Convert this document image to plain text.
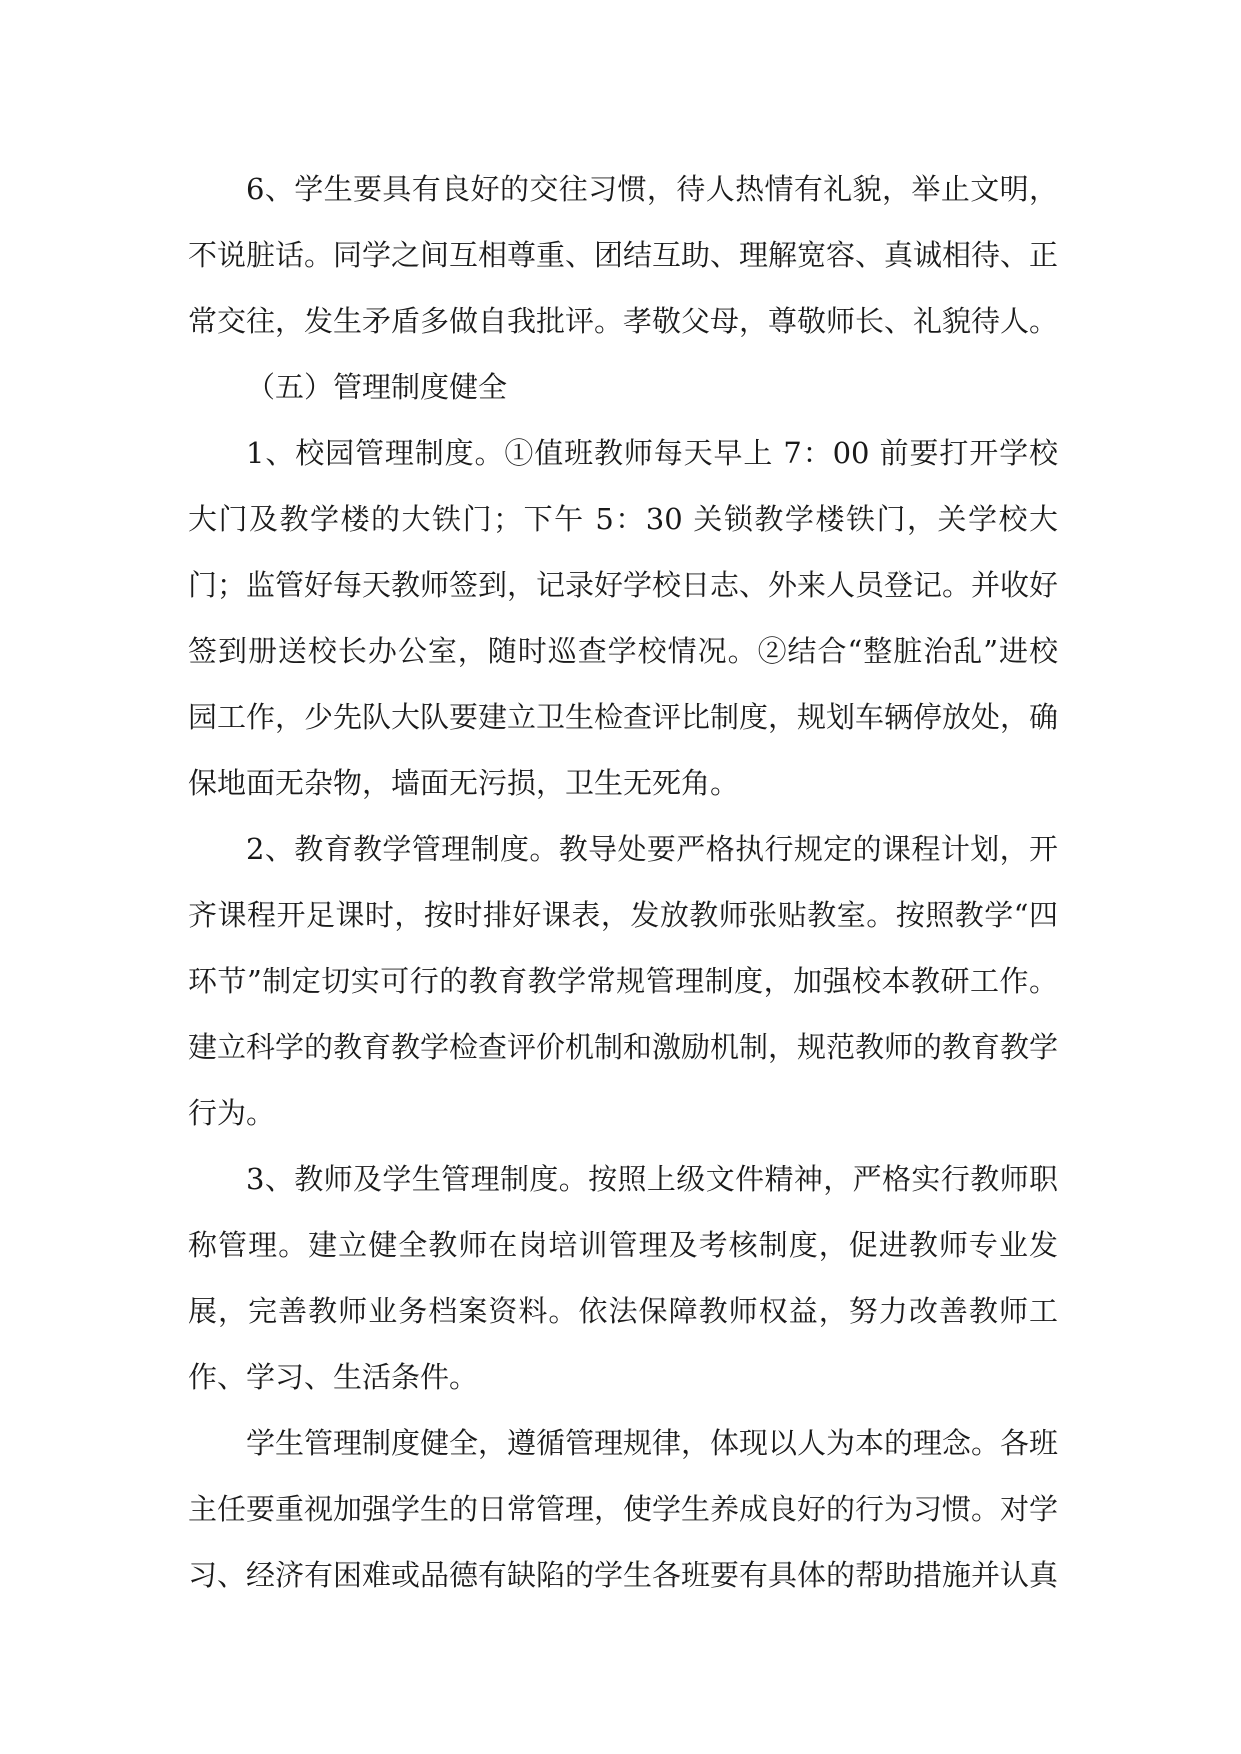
6、学生要具有良好的交往习惯，待人热情有礼貌，举止文明，不说脏话。同学之间互相尊重、团结互助、理解宽容、真诚相待、正常交往，发生矛盾多做自我批评。孝敬父母，尊敬师长、礼貌待人。

（五）管理制度健全

1、校园管理制度。①值班教师每天早上 7：00 前要打开学校大门及教学楼的大铁门；下午 5：30 关锁教学楼铁门，关学校大门；监管好每天教师签到，记录好学校日志、外来人员登记。并收好签到册送校长办公室，随时巡查学校情况。②结合“整脏治乱”进校园工作，少先队大队要建立卫生检查评比制度，规划车辆停放处，确保地面无杂物，墙面无污损，卫生无死角。

2、教育教学管理制度。教导处要严格执行规定的课程计划，开齐课程开足课时，按时排好课表，发放教师张贴教室。按照教学“四环节”制定切实可行的教育教学常规管理制度，加强校本教研工作。建立科学的教育教学检查评价机制和激励机制，规范教师的教育教学行为。

3、教师及学生管理制度。按照上级文件精神，严格实行教师职称管理。建立健全教师在岗培训管理及考核制度，促进教师专业发展，完善教师业务档案资料。依法保障教师权益，努力改善教师工作、学习、生活条件。

学生管理制度健全，遵循管理规律，体现以人为本的理念。各班主任要重视加强学生的日常管理，使学生养成良好的行为习惯。对学习、经济有困难或品德有缺陷的学生各班要有具体的帮助措施并认真
